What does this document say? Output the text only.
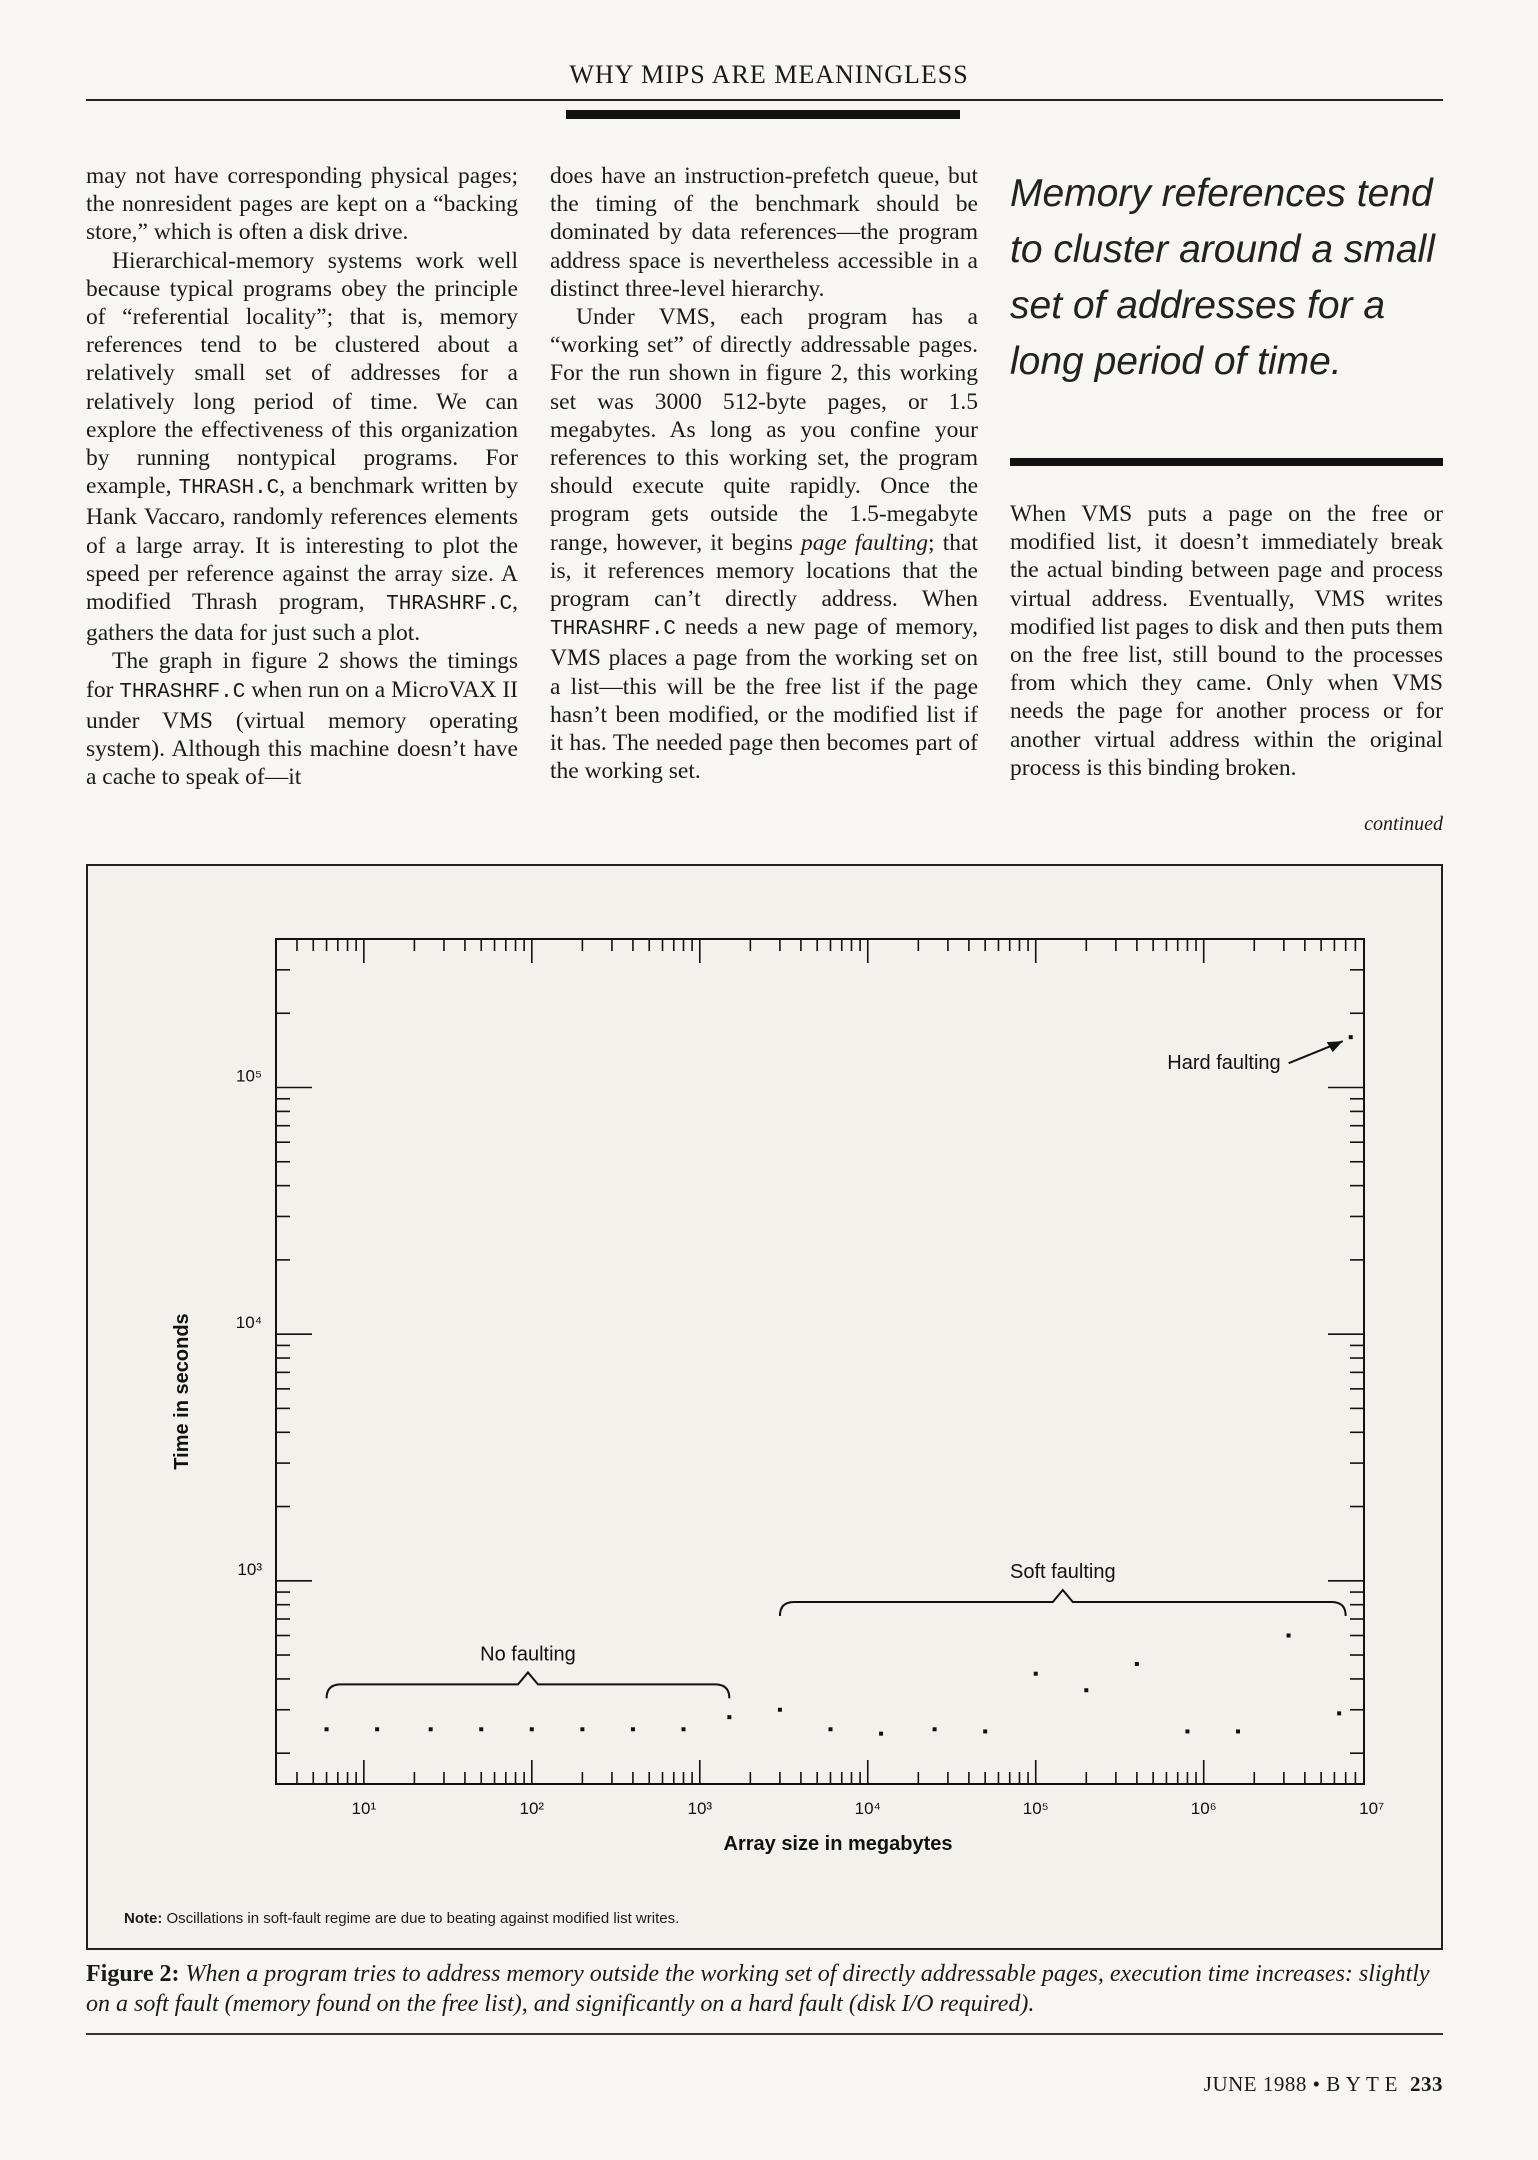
WHY MIPS ARE MEANINGLESS

may not have corresponding physical pages; the nonresident pages are kept on a “backing store,” which is often a disk drive.

Hierarchical-memory systems work well because typical programs obey the principle of “referential locality”; that is, memory references tend to be clustered about a relatively small set of addresses for a relatively long period of time. We can explore the effectiveness of this organization by running nontypical programs. For example, THRASH.C, a benchmark written by Hank Vaccaro, randomly references elements of a large array. It is interesting to plot the speed per reference against the array size. A modified Thrash program, THRASHRF.C, gathers the data for just such a plot.

The graph in figure 2 shows the timings for THRASHRF.C when run on a MicroVAX II under VMS (virtual memory operating system). Although this machine doesn’t have a cache to speak of—it

does have an instruction-prefetch queue, but the timing of the benchmark should be dominated by data references—the program address space is nevertheless accessible in a distinct three-level hierarchy.

Under VMS, each program has a “working set” of directly addressable pages. For the run shown in figure 2, this working set was 3000 512-byte pages, or 1.5 megabytes. As long as you confine your references to this working set, the program should execute quite rapidly. Once the program gets outside the 1.5-megabyte range, however, it begins page faulting; that is, it references memory locations that the program can’t directly address. When THRASHRF.C needs a new page of memory, VMS places a page from the working set on a list—this will be the free list if the page hasn’t been modified, or the modified list if it has. The needed page then becomes part of the working set.

Memory references tend to cluster around a small set of addresses for a long period of time.

When VMS puts a page on the free or modified list, it doesn’t immediately break the actual binding between page and process virtual address. Eventually, VMS writes modified list pages to disk and then puts them on the free list, still bound to the processes from which they came. Only when VMS needs the page for another process or for another virtual address within the original process is this binding broken.

continued
10¹	10²	10³	10⁴	10⁵	10⁶	10⁷
10³
10⁴
10⁵
Array size in megabytes
Time in seconds
No faulting
Soft faulting
Hard faulting
Note: Oscillations in soft-fault regime are due to beating against modified list writes.
Figure 2: When a program tries to address memory outside the working set of directly addressable pages, execution time increases: slightly on a soft fault (memory found on the free list), and significantly on a hard fault (disk I/O required).
JUNE 1988 • B Y T E 233
